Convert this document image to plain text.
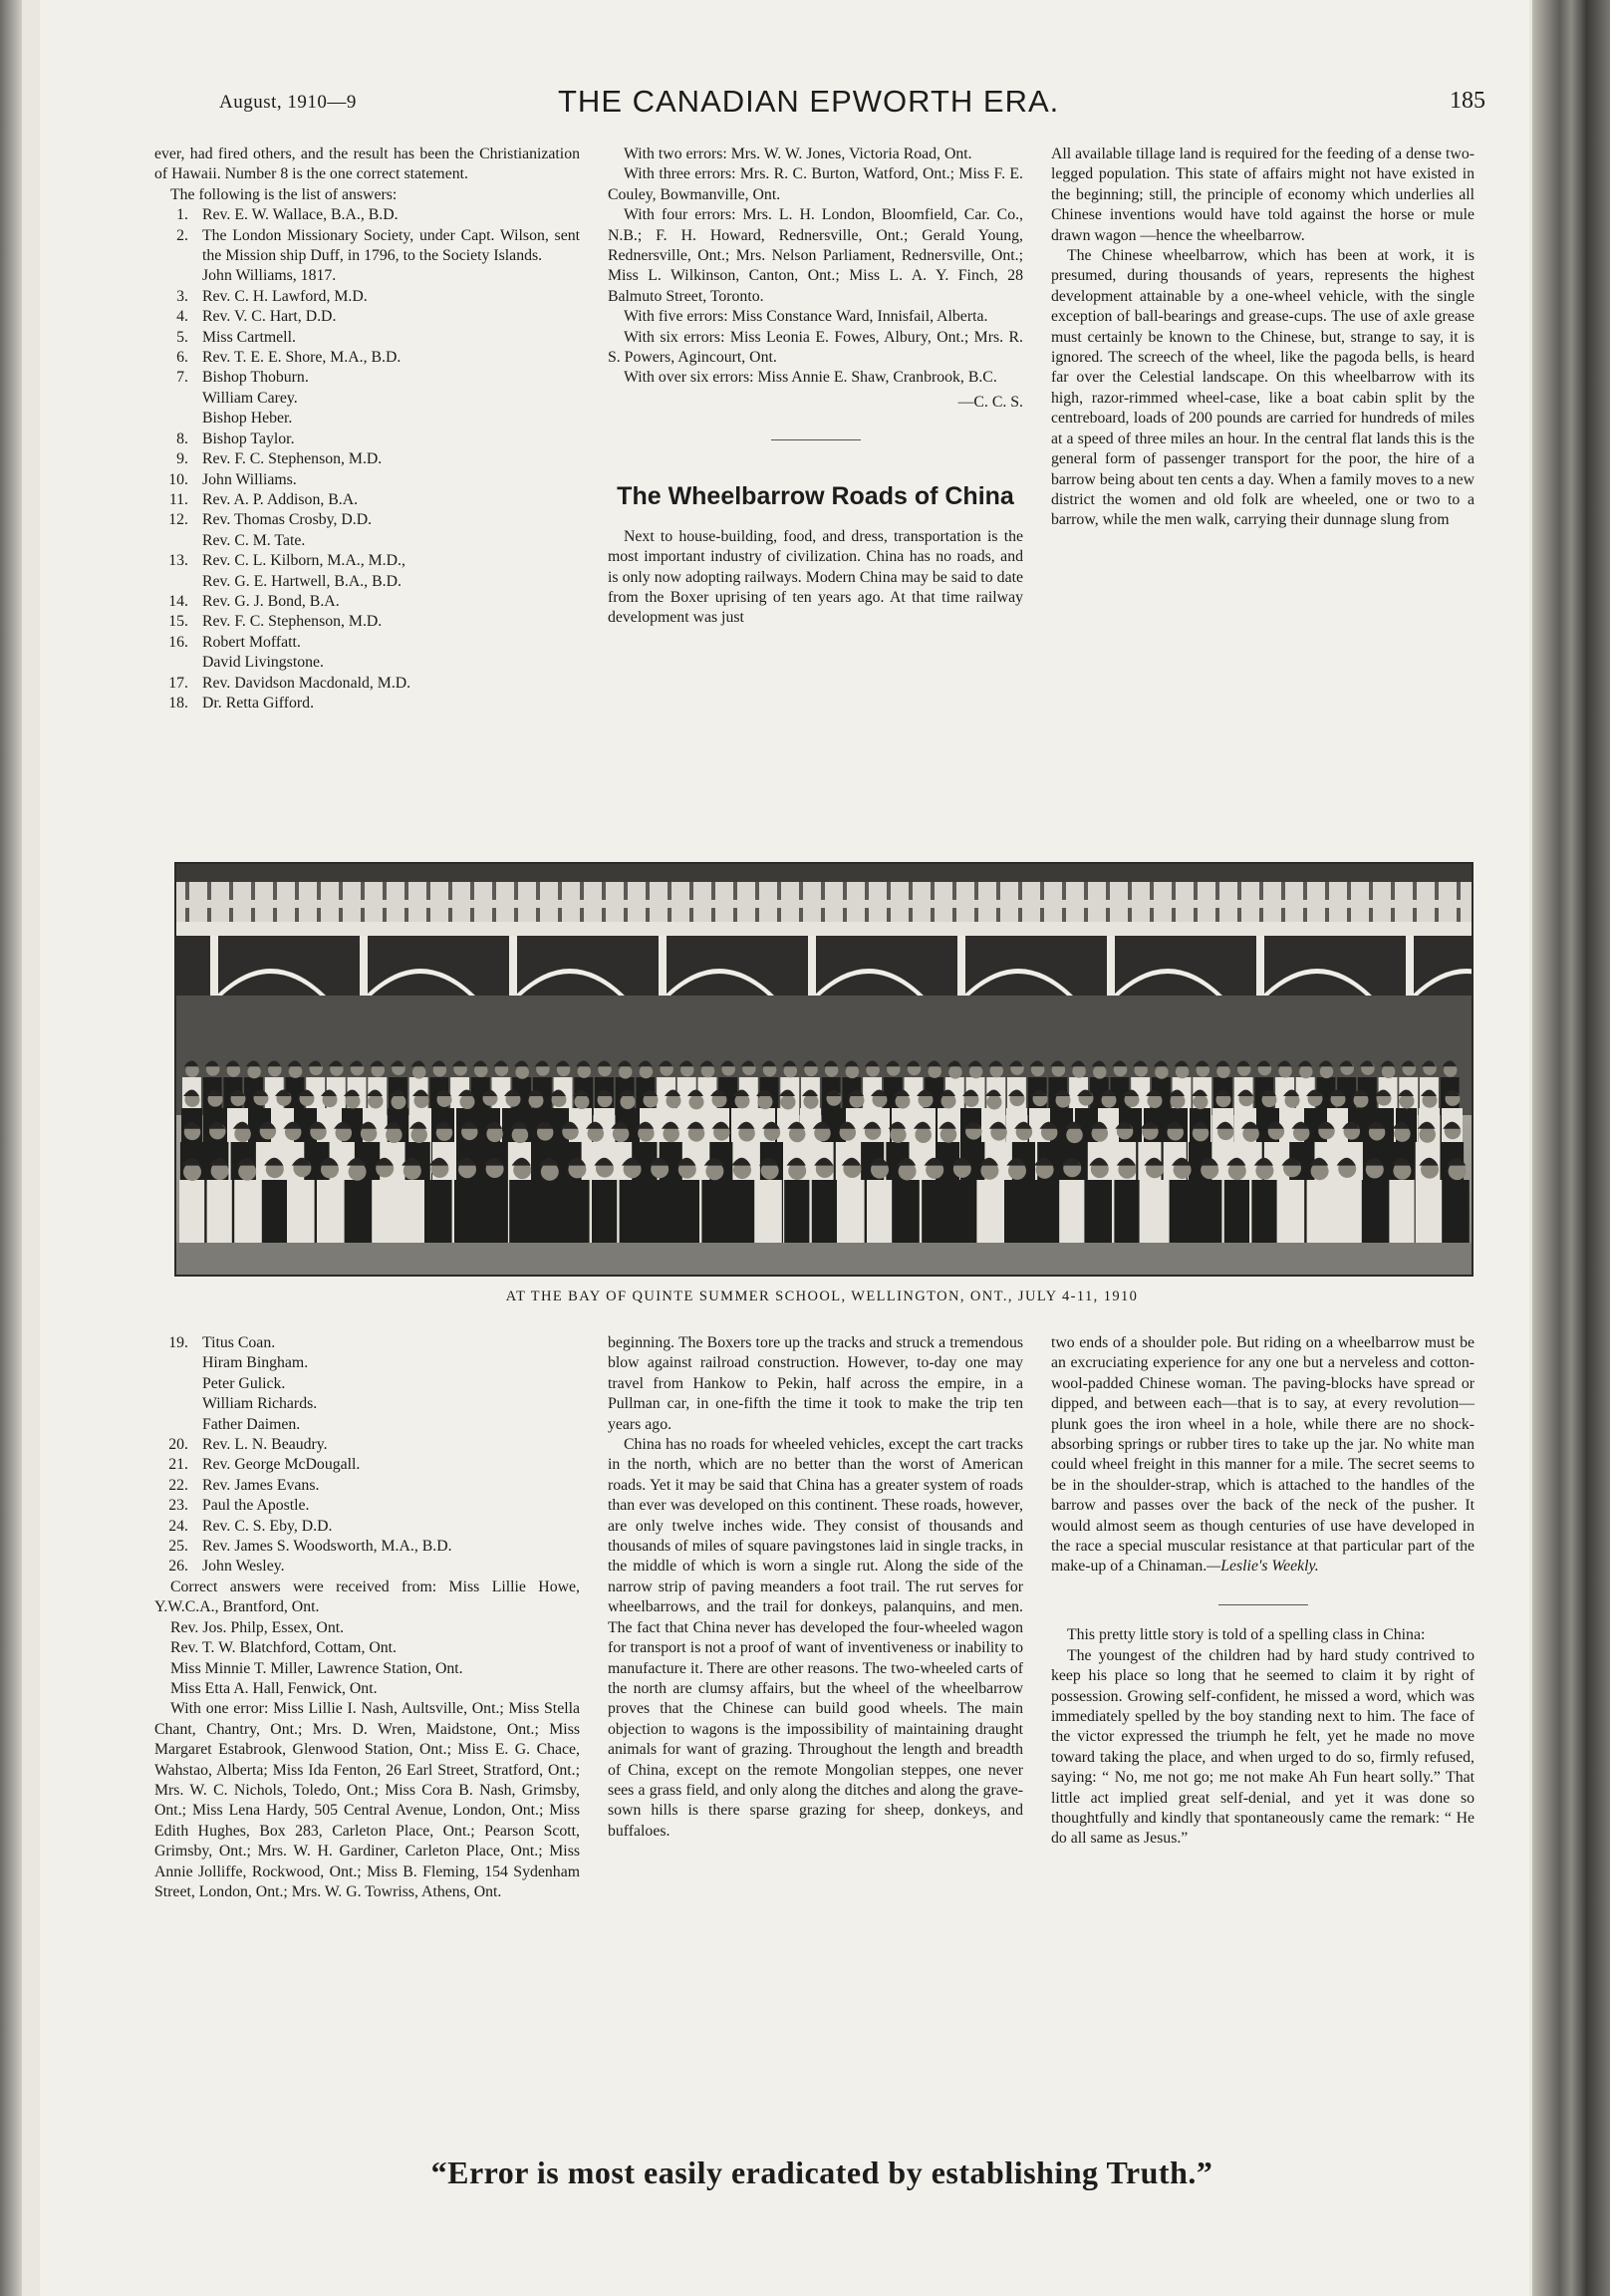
August, 1910—9	THE CANADIAN EPWORTH ERA.	185

ever, had fired others, and the result has been the Christianization of Hawaii. Number 8 is the one correct statement.

The following is the list of answers:

1. Rev. E. W. Wallace, B.A., B.D.
2. The London Missionary Society, under Capt. Wilson, sent the Mission ship Duff, in 1796, to the Society Islands.
John Williams, 1817.
3. Rev. C. H. Lawford, M.D.
4. Rev. V. C. Hart, D.D.
5. Miss Cartmell.
6. Rev. T. E. E. Shore, M.A., B.D.
7. Bishop Thoburn.
William Carey.
Bishop Heber.
8. Bishop Taylor.
9. Rev. F. C. Stephenson, M.D.
10. John Williams.
11. Rev. A. P. Addison, B.A.
12. Rev. Thomas Crosby, D.D.
Rev. C. M. Tate.
13. Rev. C. L. Kilborn, M.A., M.D.,
Rev. G. E. Hartwell, B.A., B.D.
14. Rev. G. J. Bond, B.A.
15. Rev. F. C. Stephenson, M.D.
16. Robert Moffatt.
David Livingstone.
17. Rev. Davidson Macdonald, M.D.
18. Dr. Retta Gifford.

With two errors: Mrs. W. W. Jones, Victoria Road, Ont.

With three errors: Mrs. R. C. Burton, Watford, Ont.; Miss F. E. Couley, Bowmanville, Ont.

With four errors: Mrs. L. H. London, Bloomfield, Car. Co., N.B.; F. H. Howard, Rednersville, Ont.; Gerald Young, Rednersville, Ont.; Mrs. Nelson Parliament, Rednersville, Ont.; Miss L. Wilkinson, Canton, Ont.; Miss L. A. Y. Finch, 28 Balmuto Street, Toronto.

With five errors: Miss Constance Ward, Innisfail, Alberta.

With six errors: Miss Leonia E. Fowes, Albury, Ont.; Mrs. R. S. Powers, Agincourt, Ont.

With over six errors: Miss Annie E. Shaw, Cranbrook, B.C.

—C. C. S.
The Wheelbarrow Roads of China

Next to house-building, food, and dress, transportation is the most important industry of civilization. China has no roads, and is only now adopting railways. Modern China may be said to date from the Boxer uprising of ten years ago. At that time railway development was just

All available tillage land is required for the feeding of a dense two-legged population. This state of affairs might not have existed in the beginning; still, the principle of economy which underlies all Chinese inventions would have told against the horse or mule drawn wagon —hence the wheelbarrow.

The Chinese wheelbarrow, which has been at work, it is presumed, during thousands of years, represents the highest development attainable by a one-wheel vehicle, with the single exception of ball-bearings and grease-cups. The use of axle grease must certainly be known to the Chinese, but, strange to say, it is ignored. The screech of the wheel, like the pagoda bells, is heard far over the Celestial landscape. On this wheelbarrow with its high, razor-rimmed wheel-case, like a boat cabin split by the centreboard, loads of 200 pounds are carried for hundreds of miles at a speed of three miles an hour. In the central flat lands this is the general form of passenger transport for the poor, the hire of a barrow being about ten cents a day. When a family moves to a new district the women and old folk are wheeled, one or two to a barrow, while the men walk, carrying their dunnage slung from

AT THE BAY OF QUINTE SUMMER SCHOOL, WELLINGTON, ONT., JULY 4-11, 1910
19. Titus Coan.
Hiram Bingham.
Peter Gulick.
William Richards.
Father Daimen.
20. Rev. L. N. Beaudry.
21. Rev. George McDougall.
22. Rev. James Evans.
23. Paul the Apostle.
24. Rev. C. S. Eby, D.D.
25. Rev. James S. Woodsworth, M.A., B.D.
26. John Wesley.

Correct answers were received from: Miss Lillie Howe, Y.W.C.A., Brantford, Ont.

Rev. Jos. Philp, Essex, Ont.

Rev. T. W. Blatchford, Cottam, Ont.

Miss Minnie T. Miller, Lawrence Station, Ont.

Miss Etta A. Hall, Fenwick, Ont.

With one error: Miss Lillie I. Nash, Aultsville, Ont.; Miss Stella Chant, Chantry, Ont.; Mrs. D. Wren, Maidstone, Ont.; Miss Margaret Estabrook, Glenwood Station, Ont.; Miss E. G. Chace, Wahstao, Alberta; Miss Ida Fenton, 26 Earl Street, Stratford, Ont.; Mrs. W. C. Nichols, Toledo, Ont.; Miss Cora B. Nash, Grimsby, Ont.; Miss Lena Hardy, 505 Central Avenue, London, Ont.; Miss Edith Hughes, Box 283, Carleton Place, Ont.; Pearson Scott, Grimsby, Ont.; Mrs. W. H. Gardiner, Carleton Place, Ont.; Miss Annie Jolliffe, Rockwood, Ont.; Miss B. Fleming, 154 Sydenham Street, London, Ont.; Mrs. W. G. Towriss, Athens, Ont.

beginning. The Boxers tore up the tracks and struck a tremendous blow against railroad construction. However, to-day one may travel from Hankow to Pekin, half across the empire, in a Pullman car, in one-fifth the time it took to make the trip ten years ago.

China has no roads for wheeled vehicles, except the cart tracks in the north, which are no better than the worst of American roads. Yet it may be said that China has a greater system of roads than ever was developed on this continent. These roads, however, are only twelve inches wide. They consist of thousands and thousands of miles of square pavingstones laid in single tracks, in the middle of which is worn a single rut. Along the side of the narrow strip of paving meanders a foot trail. The rut serves for wheelbarrows, and the trail for donkeys, palanquins, and men. The fact that China never has developed the four-wheeled wagon for transport is not a proof of want of inventiveness or inability to manufacture it. There are other reasons. The two-wheeled carts of the north are clumsy affairs, but the wheel of the wheelbarrow proves that the Chinese can build good wheels. The main objection to wagons is the impossibility of maintaining draught animals for want of grazing. Throughout the length and breadth of China, except on the remote Mongolian steppes, one never sees a grass field, and only along the ditches and along the grave-sown hills is there sparse grazing for sheep, donkeys, and buffaloes.

two ends of a shoulder pole. But riding on a wheelbarrow must be an excruciating experience for any one but a nerveless and cotton-wool-padded Chinese woman. The paving-blocks have spread or dipped, and between each—that is to say, at every revolution—plunk goes the iron wheel in a hole, while there are no shock-absorbing springs or rubber tires to take up the jar. No white man could wheel freight in this manner for a mile. The secret seems to be in the shoulder-strap, which is attached to the handles of the barrow and passes over the back of the neck of the pusher. It would almost seem as though centuries of use have developed in the race a special muscular resistance at that particular part of the make-up of a Chinaman.—Leslie's Weekly.

This pretty little story is told of a spelling class in China:

The youngest of the children had by hard study contrived to keep his place so long that he seemed to claim it by right of possession. Growing self-confident, he missed a word, which was immediately spelled by the boy standing next to him. The face of the victor expressed the triumph he felt, yet he made no move toward taking the place, and when urged to do so, firmly refused, saying: “ No, me not go; me not make Ah Fun heart solly.” That little act implied great self-denial, and yet it was done so thoughtfully and kindly that spontaneously came the remark: “ He do all same as Jesus.”

“Error is most easily eradicated by establishing Truth.”
